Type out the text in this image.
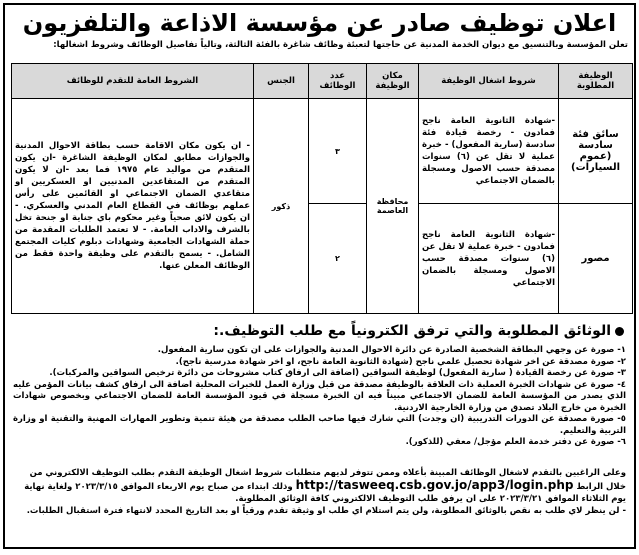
اعلان توظيف صادر عن مؤسسة الاذاعة والتلفزيون
تعلن المؤسسة وبالتنسيق مع ديوان الخدمة المدنية عن حاجتها لتعبئة وظائف شاغرة بالفئة الثالثة، وتالياً تفاصيل الوظائف وشروط اشغالها:
الوظيفة المطلوبة	شروط اشغال الوظيفة	مكان الوظيفة	عدد الوظائف	الجنس	الشروط العامة للتقدم للوظائف
سائق فئة سادسة (عموم السيارات)	-شهادة الثانوية العامة ناجح فمادون - رخصة قيادة فئة سادسة (سارية المفعول) - خبرة عملية لا تقل عن (٦) سنوات مصدقة حسب الاصول ومسجلة بالضمان الاجتماعي	محافظة العاصمة	٣	ذكور	- ان يكون مكان الاقامة حسب بطاقة الاحوال المدنية والجوازات مطابق لمكان الوظيفة الشاغرة -ان يكون المتقدم من مواليد عام ١٩٧٥ فما بعد -ان لا يكون المتقدم من المتقاعدين المدنيين او العسكريين او متقاعدي الضمان الاجتماعي او القائمين على رأس عملهم بوظائف في القطاع العام المدني والعسكري. - ان يكون لائق صحياً وغير محكوم باي جناية او جنحة تخل بالشرف والاداب العامة. - لا تعتمد الطلبات المقدمة من حملة الشهادات الجامعية وشهادات دبلوم كليات المجتمع الشامل. - يسمح بالتقدم على وظيفة واحدة فقط من الوظائف المعلن عنها.
مصور	-شهادة الثانوية العامة ناجح فمادون - خبرة عملية لا تقل عن (٦) سنوات مصدقة حسب الاصول ومسجلة بالضمان الاجتماعي		٢		
الوثائق المطلوبة والتي ترفق الكترونياً مع طلب التوظيف.:
١- صورة عن وجهي البطاقة الشخصية الصادرة عن دائرة الاحوال المدنية والجوازات على ان تكون سارية المفعول.
٢- صورة مصدقة عن اخر شهادة تحصيل علمي ناجح (شهادة الثانوية العامة ناجح، او اخر شهادة مدرسية ناجح).
٣- صورة عن رخصة القيادة ( سارية المفعول) لوظيفة السواقين (اضافة الى ارفاق كتاب مشروحات من دائرة ترخيص السواقين والمركبات).
٤- صورة عن شهادات الخبرة العملية ذات العلاقة بالوظيفة مصدقة من قبل وزارة العمل للخبرات المحلية اضافة الى ارفاق كشف بيانات المؤمن عليه الذي يصدر من المؤسسة العامة للضمان الاجتماعي مبيناً فيه ان الخبرة مسجلة في قيود المؤسسة العامة للضمان الاجتماعي وبخصوص شهادات الخبرة من خارج البلاد تصدق من وزارة الخارجية الاردنية.
٥- صورة مصدقة عن الدورات التدريبية (ان وجدت) التي شارك فيها صاحب الطلب مصدقة من هيئة تنمية وتطوير المهارات المهنية والتقنية او وزارة التربية والتعليم.
٦- صورة عن دفتر خدمة العلم مؤجل/ معفي (للذكور).
وعلى الراغبين بالتقدم لاشغال الوظائف المبينة بأعلاه وممن تتوفر لديهم متطلبات شروط اشغال الوظيفة التقدم بطلب التوظيف الالكتروني من
خلال الرابط http://tasweeq.csb.gov.jo/app3/login.php وذلك ابتداء من صباح يوم الاربعاء الموافق ٢٠٢٣/٣/١٥ ولغاية نهاية
يوم الثلاثاء الموافق ٢٠٢٣/٣/٢١ على ان يرفق طلب التوظيف الالكتروني كافة الوثائق المطلوبة.
- لن ينظر لاي طلب به نقص بالوثائق المطلوبة، ولن يتم استلام اي طلب او وثيقة تقدم ورقياً او بعد التاريخ المحدد لانتهاء فترة استقبال الطلبات.
